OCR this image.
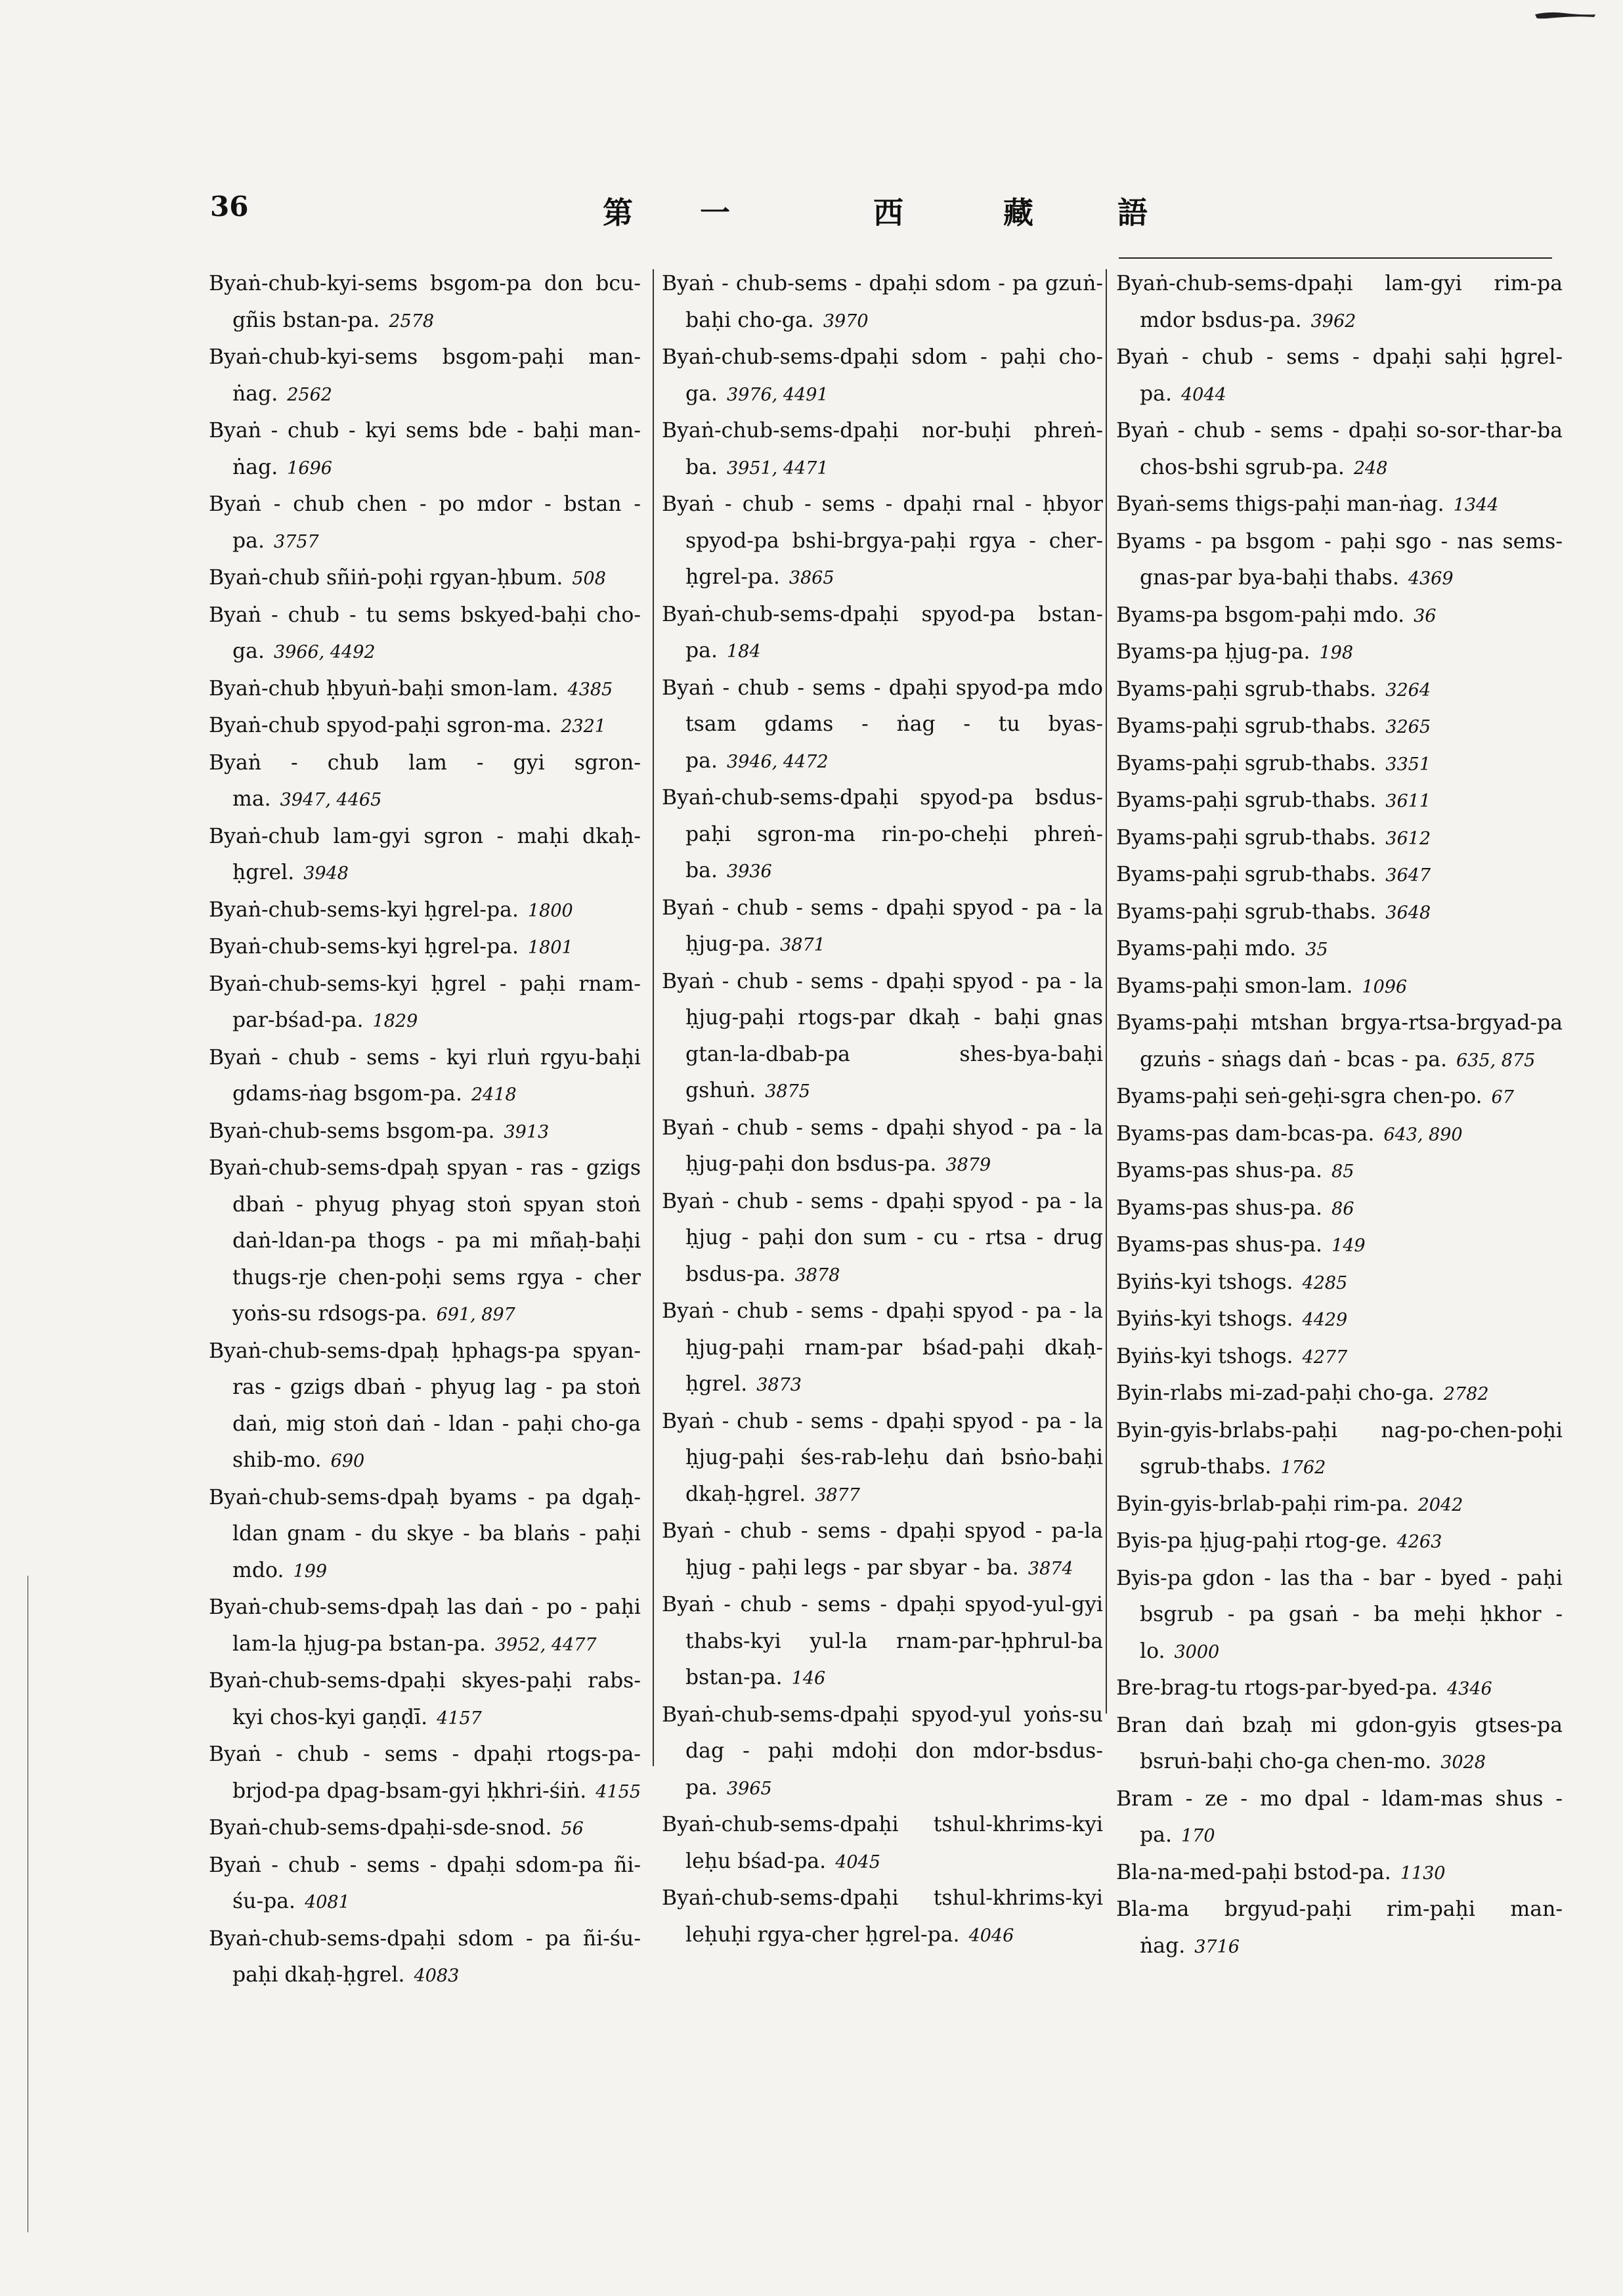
36	第 一	西	藏	語
Byaṅ-chub-kyi-sems bsgom-pa don bcu-gñis bstan-pa. 2578
Byaṅ-chub-kyi-sems bsgom-paḥi man-ṅag. 2562
Byaṅ - chub - kyi sems bde - baḥi man-ṅag. 1696
Byaṅ - chub chen - po mdor - bstan - pa. 3757
Byaṅ-chub sñiṅ-poḥi rgyan-ḥbum. 508
Byaṅ - chub - tu sems bskyed-baḥi cho-ga. 3966, 4492
Byaṅ-chub ḥbyuṅ-baḥi smon-lam. 4385
Byaṅ-chub spyod-paḥi sgron-ma. 2321
Byaṅ - chub lam - gyi sgron-ma. 3947, 4465
Byaṅ-chub lam-gyi sgron - maḥi dkaḥ-ḥgrel. 3948
Byaṅ-chub-sems-kyi ḥgrel-pa. 1800
Byaṅ-chub-sems-kyi ḥgrel-pa. 1801
Byaṅ-chub-sems-kyi ḥgrel - paḥi rnam-par-bśad-pa. 1829
Byaṅ - chub - sems - kyi rluṅ rgyu-baḥi gdams-ṅag bsgom-pa. 2418
Byaṅ-chub-sems bsgom-pa. 3913
Byaṅ-chub-sems-dpaḥ spyan - ras - gzigs dbaṅ - phyug phyag stoṅ spyan stoṅ daṅ-ldan-pa thogs - pa mi mñaḥ-baḥi thugs-rje chen-poḥi sems rgya - cher yoṅs-su rdsogs-pa. 691, 897
Byaṅ-chub-sems-dpaḥ ḥphags-pa spyan-ras - gzigs dbaṅ - phyug lag - pa stoṅ daṅ, mig stoṅ daṅ - ldan - paḥi cho-ga shib-mo. 690
Byaṅ-chub-sems-dpaḥ byams - pa dgaḥ-ldan gnam - du skye - ba blaṅs - paḥi mdo. 199
Byaṅ-chub-sems-dpaḥ las daṅ - po - paḥi lam-la ḥjug-pa bstan-pa. 3952, 4477
Byaṅ-chub-sems-dpaḥi skyes-paḥi rabs-kyi chos-kyi gaṇḍī. 4157
Byaṅ - chub - sems - dpaḥi rtogs-pa-brjod-pa dpag-bsam-gyi ḥkhri-śiṅ. 4155
Byaṅ-chub-sems-dpaḥi-sde-snod. 56
Byaṅ - chub - sems - dpaḥi sdom-pa ñi-śu-pa. 4081
Byaṅ-chub-sems-dpaḥi sdom - pa ñi-śu-paḥi dkaḥ-ḥgrel. 4083
Byaṅ - chub-sems - dpaḥi sdom - pa gzuṅ-baḥi cho-ga. 3970
Byaṅ-chub-sems-dpaḥi sdom - paḥi cho-ga. 3976, 4491
Byaṅ-chub-sems-dpaḥi nor-buḥi phreṅ-ba. 3951, 4471
Byaṅ - chub - sems - dpaḥi rnal - ḥbyor spyod-pa bshi-brgya-paḥi rgya - cher-ḥgrel-pa. 3865
Byaṅ-chub-sems-dpaḥi spyod-pa bstan-pa. 184
Byaṅ - chub - sems - dpaḥi spyod-pa mdo tsam gdams - ṅag - tu byas-pa. 3946, 4472
Byaṅ-chub-sems-dpaḥi spyod-pa bsdus-paḥi sgron-ma rin-po-cheḥi phreṅ-ba. 3936
Byaṅ - chub - sems - dpaḥi spyod - pa - la ḥjug-pa. 3871
Byaṅ - chub - sems - dpaḥi spyod - pa - la ḥjug-paḥi rtogs-par dkaḥ - baḥi gnas gtan-la-dbab-pa shes-bya-baḥi gshuṅ. 3875
Byaṅ - chub - sems - dpaḥi shyod - pa - la ḥjug-paḥi don bsdus-pa. 3879
Byaṅ - chub - sems - dpaḥi spyod - pa - la ḥjug - paḥi don sum - cu - rtsa - drug bsdus-pa. 3878
Byaṅ - chub - sems - dpaḥi spyod - pa - la ḥjug-paḥi rnam-par bśad-paḥi dkaḥ-ḥgrel. 3873
Byaṅ - chub - sems - dpaḥi spyod - pa - la ḥjug-paḥi śes-rab-leḥu daṅ bsṅo-baḥi dkaḥ-ḥgrel. 3877
Byaṅ - chub - sems - dpaḥi spyod - pa-la ḥjug - paḥi legs - par sbyar - ba. 3874
Byaṅ - chub - sems - dpaḥi spyod-yul-gyi thabs-kyi yul-la rnam-par-ḥphrul-ba bstan-pa. 146
Byaṅ-chub-sems-dpaḥi spyod-yul yoṅs-su dag - paḥi mdoḥi don mdor-bsdus-pa. 3965
Byaṅ-chub-sems-dpaḥi tshul-khrims-kyi leḥu bśad-pa. 4045
Byaṅ-chub-sems-dpaḥi tshul-khrims-kyi leḥuḥi rgya-cher ḥgrel-pa. 4046
Byaṅ-chub-sems-dpaḥi lam-gyi rim-pa mdor bsdus-pa. 3962
Byaṅ - chub - sems - dpaḥi saḥi ḥgrel-pa. 4044
Byaṅ - chub - sems - dpaḥi so-sor-thar-ba chos-bshi sgrub-pa. 248
Byaṅ-sems thigs-paḥi man-ṅag. 1344
Byams - pa bsgom - paḥi sgo - nas sems-gnas-par bya-baḥi thabs. 4369
Byams-pa bsgom-paḥi mdo. 36
Byams-pa ḥjug-pa. 198
Byams-paḥi sgrub-thabs. 3264
Byams-paḥi sgrub-thabs. 3265
Byams-paḥi sgrub-thabs. 3351
Byams-paḥi sgrub-thabs. 3611
Byams-paḥi sgrub-thabs. 3612
Byams-paḥi sgrub-thabs. 3647
Byams-paḥi sgrub-thabs. 3648
Byams-paḥi mdo. 35
Byams-paḥi smon-lam. 1096
Byams-paḥi mtshan brgya-rtsa-brgyad-pa gzuṅs - sṅags daṅ - bcas - pa. 635, 875
Byams-paḥi seṅ-geḥi-sgra chen-po. 67
Byams-pas dam-bcas-pa. 643, 890
Byams-pas shus-pa. 85
Byams-pas shus-pa. 86
Byams-pas shus-pa. 149
Byiṅs-kyi tshogs. 4285
Byiṅs-kyi tshogs. 4429
Byiṅs-kyi tshogs. 4277
Byin-rlabs mi-zad-paḥi cho-ga. 2782
Byin-gyis-brlabs-paḥi nag-po-chen-poḥi sgrub-thabs. 1762
Byin-gyis-brlab-paḥi rim-pa. 2042
Byis-pa ḥjug-paḥi rtog-ge. 4263
Byis-pa gdon - las tha - bar - byed - paḥi bsgrub - pa gsaṅ - ba meḥi ḥkhor - lo. 3000
Bre-brag-tu rtogs-par-byed-pa. 4346
Bran daṅ bzaḥ mi gdon-gyis gtses-pa bsruṅ-baḥi cho-ga chen-mo. 3028
Bram - ze - mo dpal - ldam-mas shus - pa. 170
Bla-na-med-paḥi bstod-pa. 1130
Bla-ma brgyud-paḥi rim-paḥi man-ṅag. 3716
